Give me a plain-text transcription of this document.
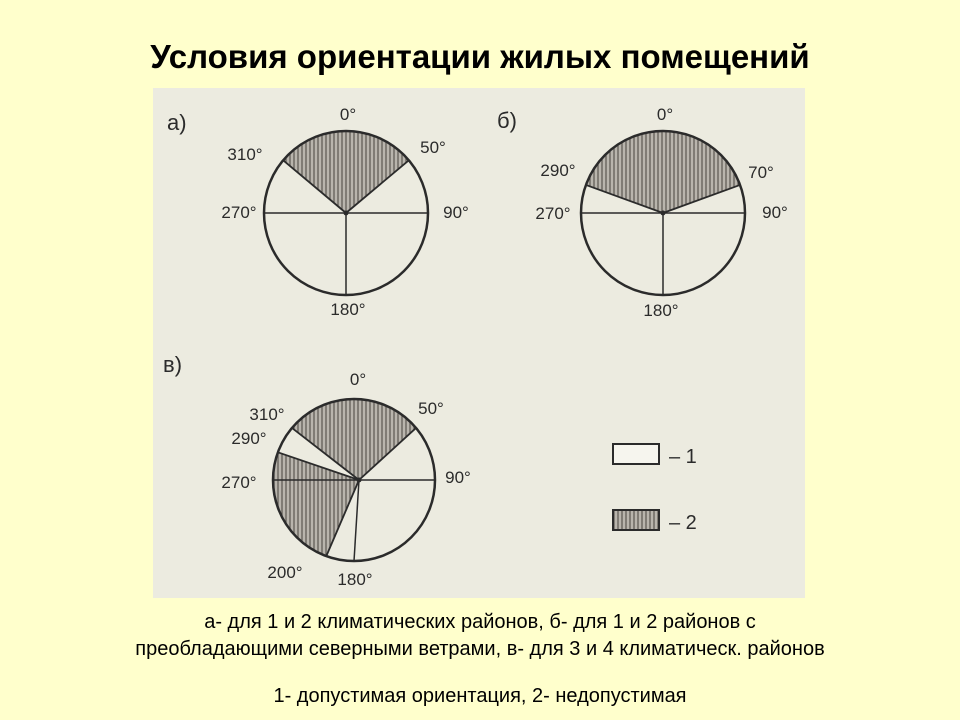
Условия ориентации жилых помещений
а)	0°
50°
90°
180°
270°
310°
б)	0°
70°
90°
180°
270°
290°
в)
0°
50°
90°
180°
200°
270°
290°
310°
– 1
– 2
а- для 1 и 2 климатических районов, б- для 1 и 2 районов с
преобладающими северными ветрами, в- для 3 и 4 климатическ. районов
1- допустимая ориентация, 2- недопустимая
